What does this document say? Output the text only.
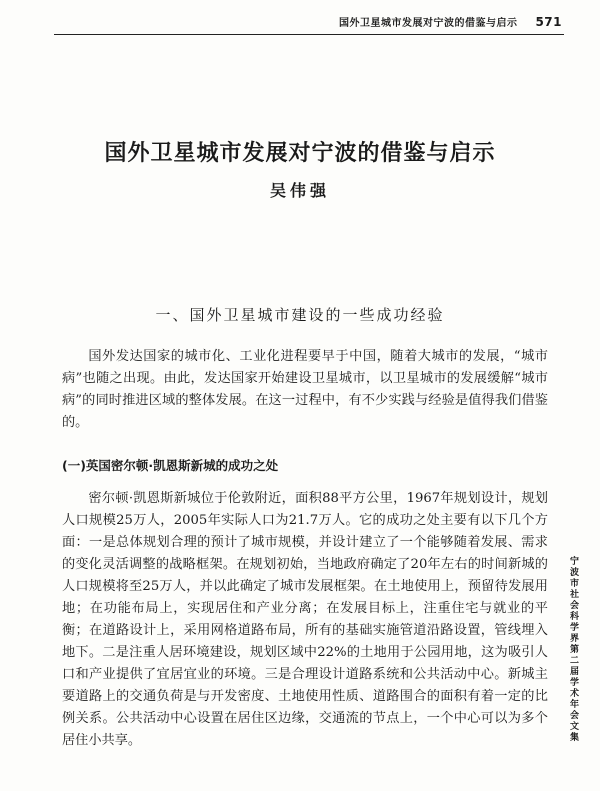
国外卫星城市发展对宁波的借鉴与启示 571
国外卫星城市发展对宁波的借鉴与启示
吴伟强
一、国外卫星城市建设的一些成功经验

国外发达国家的城市化、工业化进程要早于中国，随着大城市的发展，“城市病”也随之出现。由此，发达国家开始建设卫星城市，以卫星城市的发展缓解“城市病”的同时推进区域的整体发展。在这一过程中，有不少实践与经验是值得我们借鉴的。

(一)英国密尔顿·凯恩斯新城的成功之处

密尔顿·凯恩斯新城位于伦敦附近，面积88平方公里，1967年规划设计，规划人口规模25万人，2005年实际人口为21.7万人。它的成功之处主要有以下几个方面：一是总体规划合理的预计了城市规模，并设计建立了一个能够随着发展、需求的变化灵活调整的战略框架。在规划初始，当地政府确定了20年左右的时间新城的人口规模将至25万人，并以此确定了城市发展框架。在土地使用上，预留待发展用地；在功能布局上，实现居住和产业分离；在发展目标上，注重住宅与就业的平衡；在道路设计上，采用网格道路布局，所有的基础实施管道沿路设置，管线埋入地下。二是注重人居环境建设，规划区域中22%的土地用于公园用地，这为吸引人口和产业提供了宜居宜业的环境。三是合理设计道路系统和公共活动中心。新城主要道路上的交通负荷是与开发密度、土地使用性质、道路围合的面积有着一定的比例关系。公共活动中心设置在居住区边缘，交通流的节点上，一个中心可以为多个居住小共享。	宁波市社会科学界第二届学术年会文集
